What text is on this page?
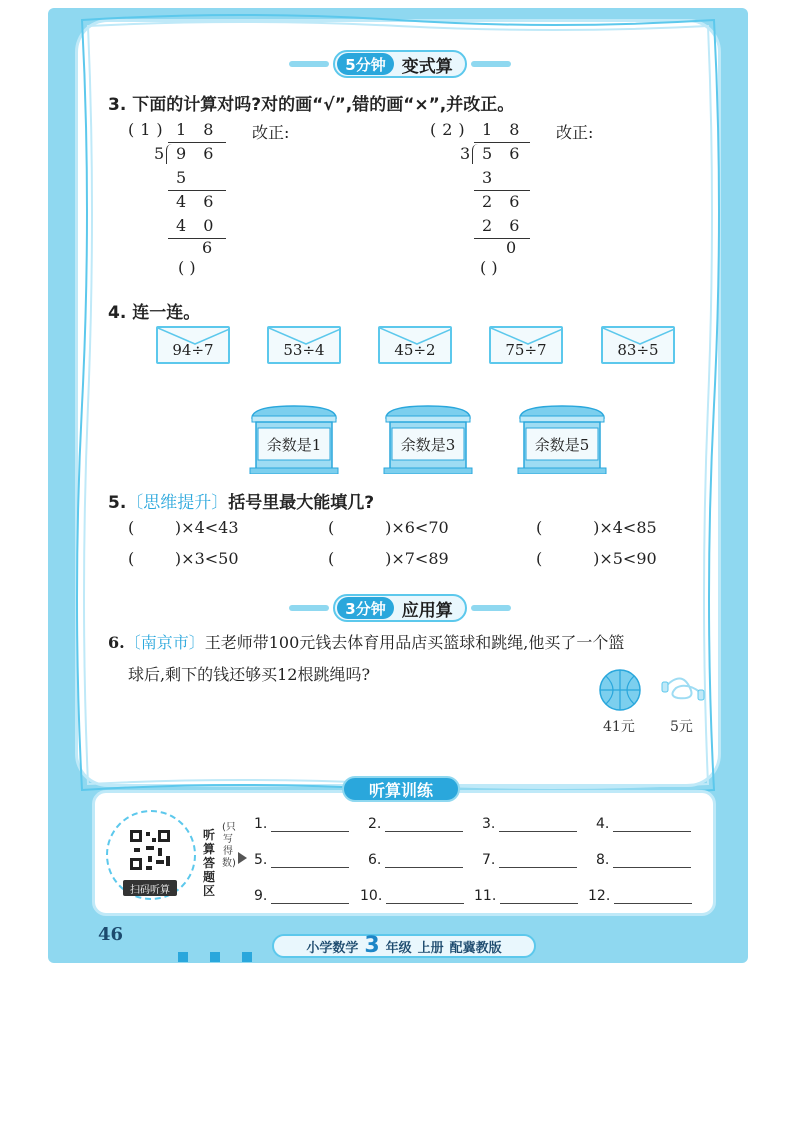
5分钟 变式算
3. 下面的计算对吗?对的画“√”,错的画“×”,并改正。
(1) 1 8
5 9 6
5
4 6
4 0
6
改正:
( )
(2) 1 8
3 5 6
3
2 6
2 6
0
改正:
( )
4. 连一连。
94÷7	53÷4	45÷2	75÷7	83÷5
余数是1	余数是3	余数是5
5.〔思维提升〕括号里最大能填几?
(        )×4<43	(          )×6<70	(          )×4<85
(        )×3<50	(          )×7<89	(          )×5<90
3分钟 应用算
6.〔南京市〕王老师带100元钱去体育用品店买篮球和跳绳,他买了一个篮
球后,剩下的钱还够买12根跳绳吗?
41元	5元
听算训练
扫码听算
听算答题区
(只写得数)
1.	2.	3.	4.
5.	6.	7.	8.
9.	10.	11.	12.
46
小学数学 3 年级 上册 配冀教版
